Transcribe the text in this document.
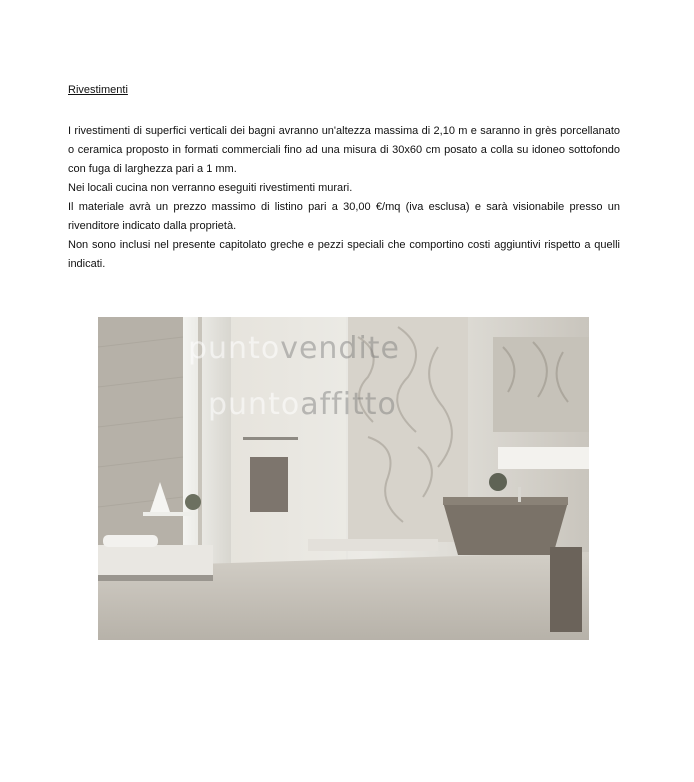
Rivestimenti

I rivestimenti di superfici verticali dei bagni avranno un'altezza massima di 2,10 m e saranno in grès porcellanato o ceramica proposto in formati commerciali fino ad una misura di 30x60 cm posato a colla su idoneo sottofondo con fuga di larghezza pari a 1 mm.

Nei locali cucina non verranno eseguiti rivestimenti murari.

Il materiale avrà un prezzo massimo di listino pari a 30,00 €/mq (iva esclusa) e sarà visionabile presso un rivenditore indicato dalla proprietà.

Non sono inclusi nel presente capitolato greche e pezzi speciali che comportino costi aggiuntivi rispetto a quelli indicati.

puntovendite
puntoaffitto
